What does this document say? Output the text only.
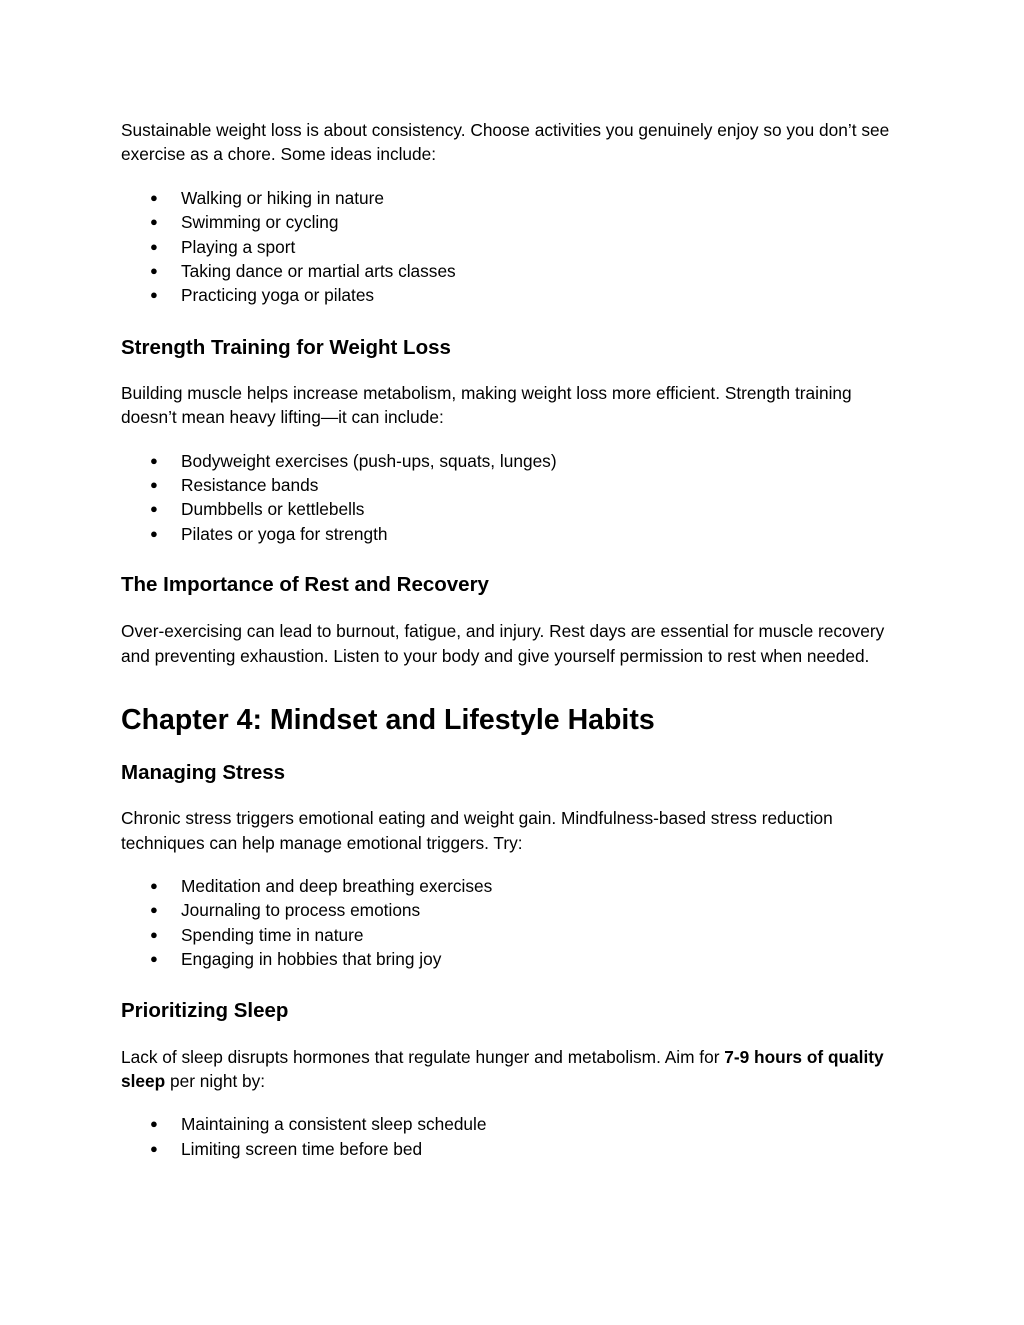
Sustainable weight loss is about consistency. Choose activities you genuinely enjoy so you don’t see exercise as a chore. Some ideas include:

● Walking or hiking in nature
● Swimming or cycling
● Playing a sport
● Taking dance or martial arts classes
● Practicing yoga or pilates
Strength Training for Weight Loss

Building muscle helps increase metabolism, making weight loss more efficient. Strength training doesn’t mean heavy lifting—it can include:

● Bodyweight exercises (push-ups, squats, lunges)
● Resistance bands
● Dumbbells or kettlebells
● Pilates or yoga for strength
The Importance of Rest and Recovery

Over-exercising can lead to burnout, fatigue, and injury. Rest days are essential for muscle recovery and preventing exhaustion. Listen to your body and give yourself permission to rest when needed.

Chapter 4: Mindset and Lifestyle Habits
Managing Stress

Chronic stress triggers emotional eating and weight gain. Mindfulness-based stress reduction techniques can help manage emotional triggers. Try:

● Meditation and deep breathing exercises
● Journaling to process emotions
● Spending time in nature
● Engaging in hobbies that bring joy
Prioritizing Sleep

Lack of sleep disrupts hormones that regulate hunger and metabolism. Aim for 7-9 hours of quality sleep per night by:

● Maintaining a consistent sleep schedule
● Limiting screen time before bed
